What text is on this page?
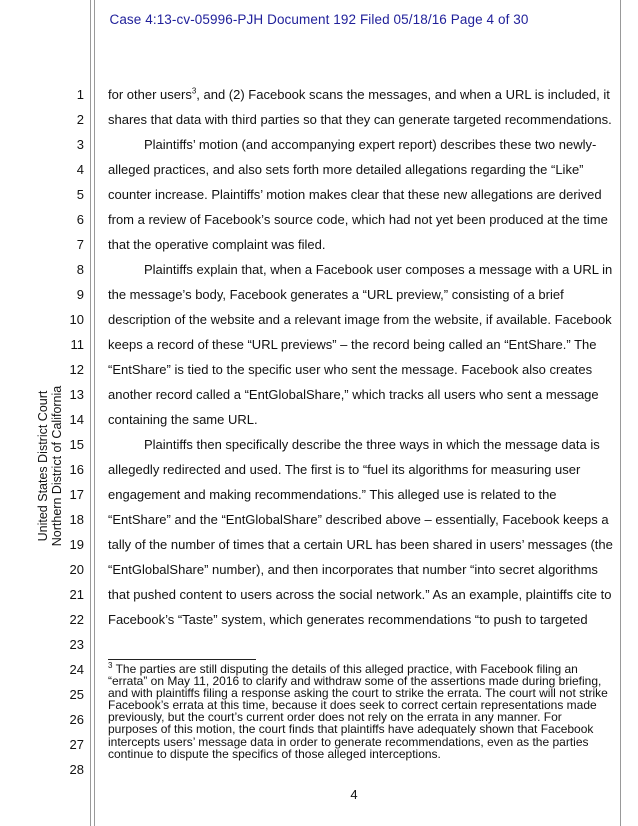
Case 4:13-cv-05996-PJH Document 192 Filed 05/18/16 Page 4 of 30
United States District Court Northern District of California
1
2
3
4
5
6
7
8
9
10
11
12
13
14
15
16
17
18
19
20
21
22
23
24
25
26
27
28
for other users$^3$, and (2) Facebook scans the messages, and when a URL is included, it
shares that data with third parties so that they can generate targeted recommendations.
Plaintiffs’ motion (and accompanying expert report) describes these two newly-
alleged practices, and also sets forth more detailed allegations regarding the “Like”
counter increase. Plaintiffs’ motion makes clear that these new allegations are derived
from a review of Facebook’s source code, which had not yet been produced at the time
that the operative complaint was filed.
Plaintiffs explain that, when a Facebook user composes a message with a URL in
the message’s body, Facebook generates a “URL preview,” consisting of a brief
description of the website and a relevant image from the website, if available. Facebook
keeps a record of these “URL previews” – the record being called an “EntShare.” The
“EntShare” is tied to the specific user who sent the message. Facebook also creates
another record called a “EntGlobalShare,” which tracks all users who sent a message
containing the same URL.
Plaintiffs then specifically describe the three ways in which the message data is
allegedly redirected and used. The first is to “fuel its algorithms for measuring user
engagement and making recommendations.” This alleged use is related to the
“EntShare” and the “EntGlobalShare” described above – essentially, Facebook keeps a
tally of the number of times that a certain URL has been shared in users’ messages (the
“EntGlobalShare” number), and then incorporates that number “into secret algorithms
that pushed content to users across the social network.” As an example, plaintiffs cite to
Facebook’s “Taste” system, which generates recommendations “to push to targeted
$^3$ The parties are still disputing the details of this alleged practice, with Facebook filing an “errata” on May 11, 2016 to clarify and withdraw some of the assertions made during briefing, and with plaintiffs filing a response asking the court to strike the errata. The court will not strike Facebook’s errata at this time, because it does seek to correct certain representations made previously, but the court’s current order does not rely on the errata in any manner. For purposes of this motion, the court finds that plaintiffs have adequately shown that Facebook intercepts users’ message data in order to generate recommendations, even as the parties continue to dispute the specifics of those alleged interceptions.
4
